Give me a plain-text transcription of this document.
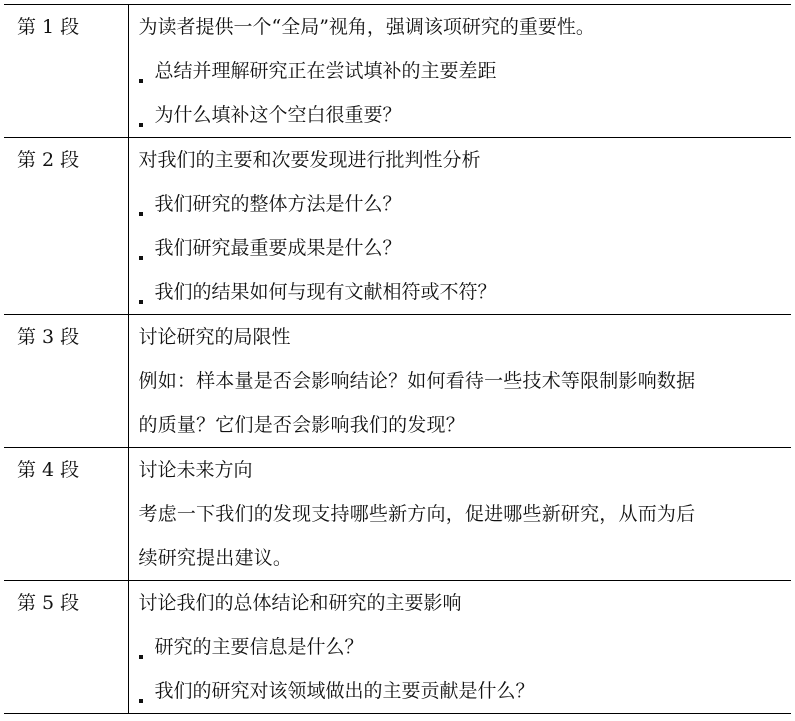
第 1 段	为读者提供一个“全局”视角，强调该项研究的重要性。
总结并理解研究正在尝试填补的主要差距
为什么填补这个空白很重要？

第 2 段	对我们的主要和次要发现进行批判性分析
我们研究的整体方法是什么？
我们研究最重要成果是什么？
我们的结果如何与现有文献相符或不符？

第 3 段	讨论研究的局限性
例如：样本量是否会影响结论？如何看待一些技术等限制影响数据
的质量？它们是否会影响我们的发现？

第 4 段	讨论未来方向
考虑一下我们的发现支持哪些新方向，促进哪些新研究，从而为后
续研究提出建议。

第 5 段	讨论我们的总体结论和研究的主要影响
研究的主要信息是什么？
我们的研究对该领域做出的主要贡献是什么？
